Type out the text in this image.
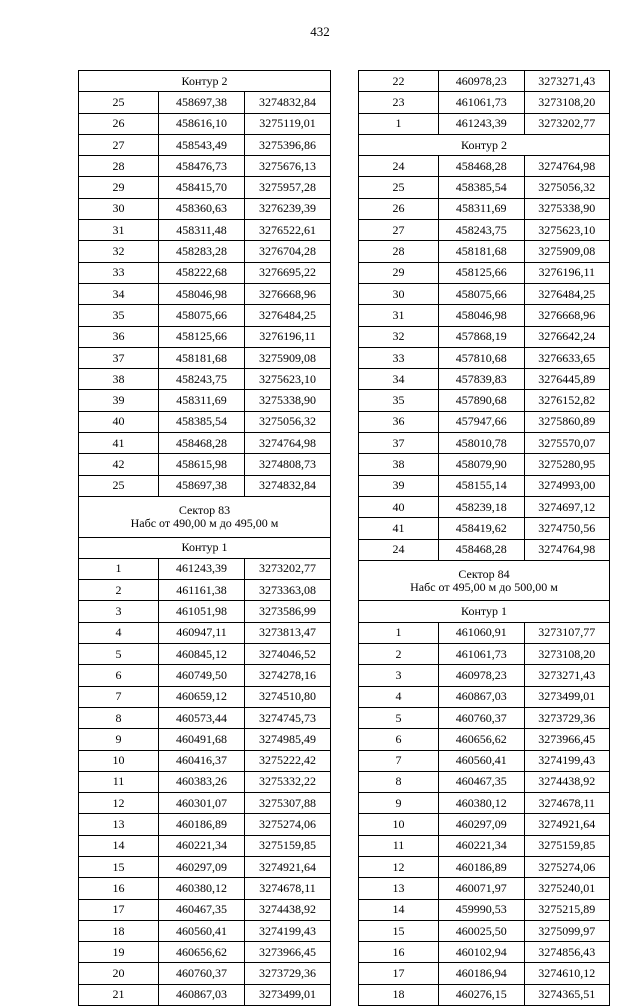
432
Контур 2		
25	458697,38	3274832,84
26	458616,10	3275119,01
27	458543,49	3275396,86
28	458476,73	3275676,13
29	458415,70	3275957,28
30	458360,63	3276239,39
31	458311,48	3276522,61
32	458283,28	3276704,28
33	458222,68	3276695,22
34	458046,98	3276668,96
35	458075,66	3276484,25
36	458125,66	3276196,11
37	458181,68	3275909,08
38	458243,75	3275623,10
39	458311,69	3275338,90
40	458385,54	3275056,32
41	458468,28	3274764,98
42	458615,98	3274808,73
25	458697,38	3274832,84

Сектор 83
Набс от 490,00 м до 495,00 м		

Контур 1		
1	461243,39	3273202,77
2	461161,38	3273363,08
3	461051,98	3273586,99
4	460947,11	3273813,47
5	460845,12	3274046,52
6	460749,50	3274278,16
7	460659,12	3274510,80
8	460573,44	3274745,73
9	460491,68	3274985,49
10	460416,37	3275222,42
11	460383,26	3275332,22
12	460301,07	3275307,88
13	460186,89	3275274,06
14	460221,34	3275159,85
15	460297,09	3274921,64
16	460380,12	3274678,11
17	460467,35	3274438,92
18	460560,41	3274199,43
19	460656,62	3273966,45
20	460760,37	3273729,36
21	460867,03	3273499,01
22	460978,23	3273271,43
23	461061,73	3273108,20
1	461243,39	3273202,77
Контур 2		
24	458468,28	3274764,98
25	458385,54	3275056,32
26	458311,69	3275338,90
27	458243,75	3275623,10
28	458181,68	3275909,08
29	458125,66	3276196,11
30	458075,66	3276484,25
31	458046,98	3276668,96
32	457868,19	3276642,24
33	457810,68	3276633,65
34	457839,83	3276445,89
35	457890,68	3276152,82
36	457947,66	3275860,89
37	458010,78	3275570,07
38	458079,90	3275280,95
39	458155,14	3274993,00
40	458239,18	3274697,12
41	458419,62	3274750,56
24	458468,28	3274764,98

Сектор 84
Набс от 495,00 м до 500,00 м		

Контур 1		
1	461060,91	3273107,77
2	461061,73	3273108,20
3	460978,23	3273271,43
4	460867,03	3273499,01
5	460760,37	3273729,36
6	460656,62	3273966,45
7	460560,41	3274199,43
8	460467,35	3274438,92
9	460380,12	3274678,11
10	460297,09	3274921,64
11	460221,34	3275159,85
12	460186,89	3275274,06
13	460071,97	3275240,01
14	459990,53	3275215,89
15	460025,50	3275099,97
16	460102,94	3274856,43
17	460186,94	3274610,12
18	460276,15	3274365,51
